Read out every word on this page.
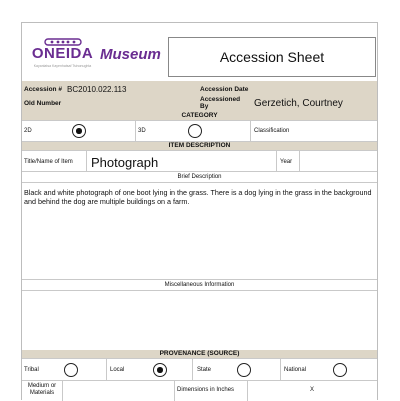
ONEIDA
Kayanlatsa Kayenhatsaf Tsinonughta
Museum	Accession Sheet
Accession # BC2010.022.113	Accession Date
Old Number
Accessioned By	Gerzetich, Courtney
CATEGORY
2D	3D	Classification
ITEM DESCRIPTION
Title/Name of Item Photograph	Year
Brief Description
Black and white photograph of one boot lying in the grass. There is a dog lying in the grass in the background and behind the dog are multiple buildings on a farm.
Miscellaneous Information
PROVENANCE (SOURCE)
Tribal	Local	State	National
Medium or Materials	Dimensions in Inches	X
